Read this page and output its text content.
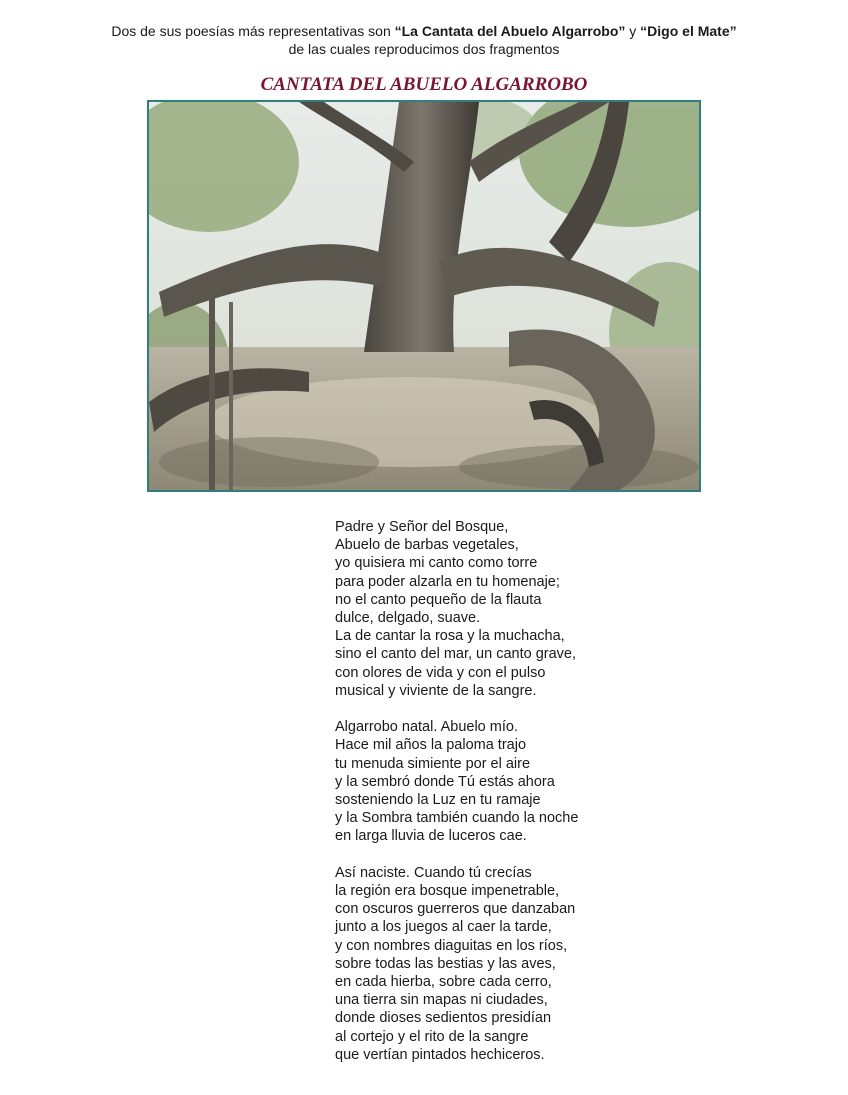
Dos de sus poesías más representativas son “La Cantata del Abuelo Algarrobo” y “Digo el Mate”
de las cuales reproducimos dos fragmentos
CANTATA DEL ABUELO ALGARROBO
Padre y Señor del Bosque,
Abuelo de barbas vegetales,
yo quisiera mi canto como torre
para poder alzarla en tu homenaje;
no el canto pequeño de la flauta
dulce, delgado, suave.
La de cantar la rosa y la muchacha,
sino el canto del mar, un canto grave,
con olores de vida y con el pulso
musical y viviente de la sangre.
Algarrobo natal. Abuelo mío.
Hace mil años la paloma trajo
tu menuda simiente por el aire
y la sembró donde Tú estás ahora
sosteniendo la Luz en tu ramaje
y la Sombra también cuando la noche
en larga lluvia de luceros cae.
Así naciste. Cuando tú crecías
la región era bosque impenetrable,
con oscuros guerreros que danzaban
junto a los juegos al caer la tarde,
y con nombres diaguitas en los ríos,
sobre todas las bestias y las aves,
en cada hierba, sobre cada cerro,
una tierra sin mapas ni ciudades,
donde dioses sedientos presidían
al cortejo y el rito de la sangre
que vertían pintados hechiceros.
